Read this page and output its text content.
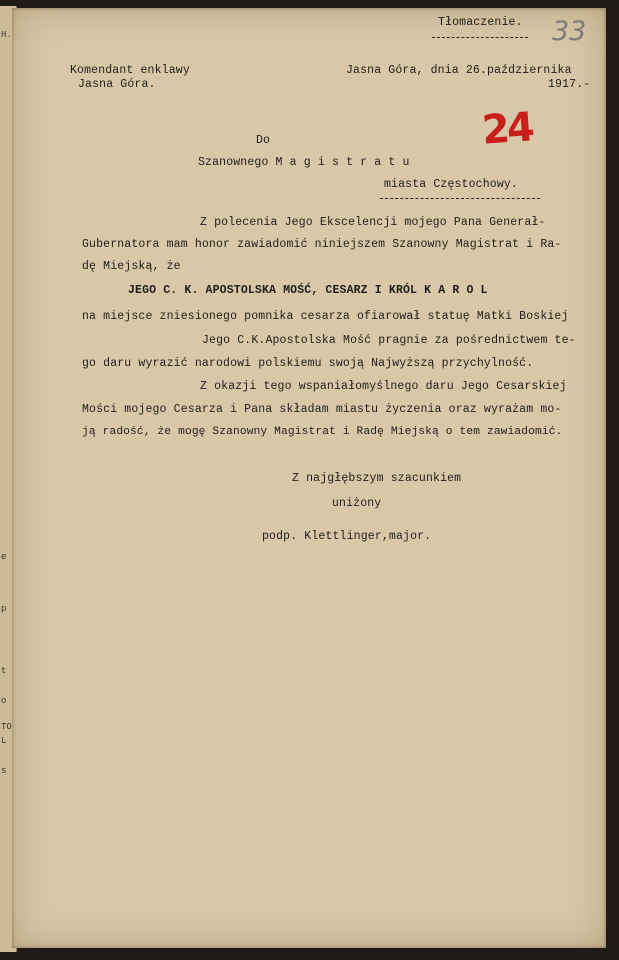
H.
e
p
t
o
TO
L
s
Tłomaczenie. 33
Komendant enklawy
Jasna Góra.
Jasna Góra, dnia 26.października
1917.-
24
Do
Szanownego M a g i s t r a t u
miasta Częstochowy.
Z polecenia Jego Ekscelencji mojego Pana Generał-
Gubernatora mam honor zawiadomić niniejszem Szanowny Magistrat i Ra-
dę Miejską, że
JEGO C. K. APOSTOLSKA MOŚĆ, CESARZ I KRÓL K A R O L
na miejsce zniesionego pomnika cesarza ofiarował statuę Matki Boskiej
Jego C.K.Apostolska Mość pragnie za pośrednictwem te-
go daru wyrazić narodowi polskiemu swoją Najwyższą przychylność.
Z okazji tego wspaniałomyślnego daru Jego Cesarskiej
Mości mojego Cesarza i Pana składam miastu życzenia oraz wyrażam mo-
ją radość, że mogę Szanowny Magistrat i Radę Miejską o tem zawiadomić.
Z najgłębszym szacunkiem
uniżony
podp. Klettlinger,major.
